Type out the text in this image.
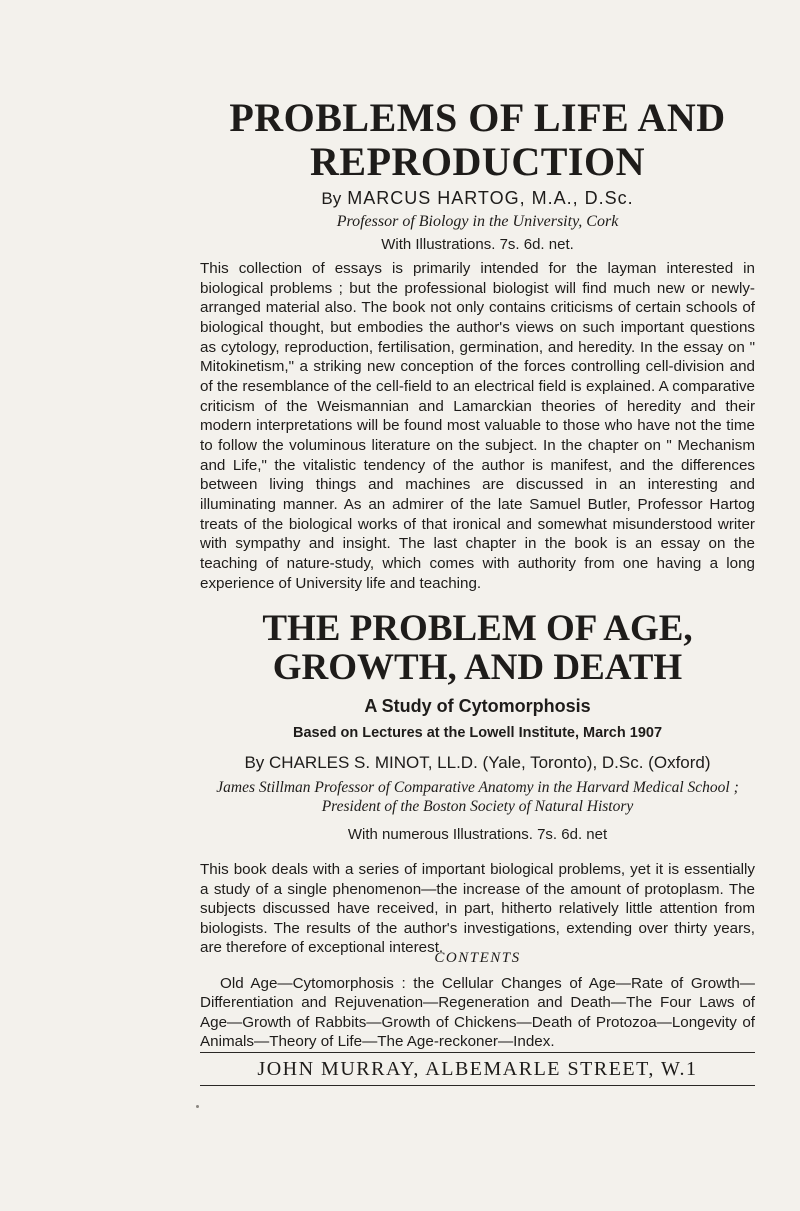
PROBLEMS OF LIFE AND
REPRODUCTION
By MARCUS HARTOG, M.A., D.Sc.
Professor of Biology in the University, Cork
With Illustrations. 7s. 6d. net.
This collection of essays is primarily intended for the layman interested in biological problems ; but the professional biologist will find much new or newly-arranged material also. The book not only contains criticisms of certain schools of biological thought, but embodies the author's views on such important questions as cytology, reproduction, fertilisation, germination, and heredity. In the essay on " Mitokinetism," a striking new conception of the forces controlling cell-division and of the resemblance of the cell-field to an electrical field is explained. A comparative criticism of the Weismannian and Lamarckian theories of heredity and their modern interpretations will be found most valuable to those who have not the time to follow the voluminous literature on the subject. In the chapter on " Mechanism and Life," the vitalistic tendency of the author is manifest, and the differences between living things and machines are discussed in an interesting and illuminating manner. As an admirer of the late Samuel Butler, Professor Hartog treats of the biological works of that ironical and somewhat misunderstood writer with sympathy and insight. The last chapter in the book is an essay on the teaching of nature-study, which comes with authority from one having a long experience of University life and teaching.
THE PROBLEM OF AGE,
GROWTH, AND DEATH
A Study of Cytomorphosis
Based on Lectures at the Lowell Institute, March 1907
By CHARLES S. MINOT, LL.D. (Yale, Toronto), D.Sc. (Oxford)
James Stillman Professor of Comparative Anatomy in the Harvard Medical School ; President of the Boston Society of Natural History
With numerous Illustrations. 7s. 6d. net
This book deals with a series of important biological problems, yet it is essentially a study of a single phenomenon—the increase of the amount of protoplasm. The subjects discussed have received, in part, hitherto relatively little attention from biologists. The results of the author's investigations, extending over thirty years, are therefore of exceptional interest.
CONTENTS
Old Age—Cytomorphosis : the Cellular Changes of Age—Rate of Growth—Differentiation and Rejuvenation—Regeneration and Death—The Four Laws of Age—Growth of Rabbits—Growth of Chickens—Death of Protozoa—Longevity of Animals—Theory of Life—The Age-reckoner—Index.
JOHN MURRAY, ALBEMARLE STREET, W.1
